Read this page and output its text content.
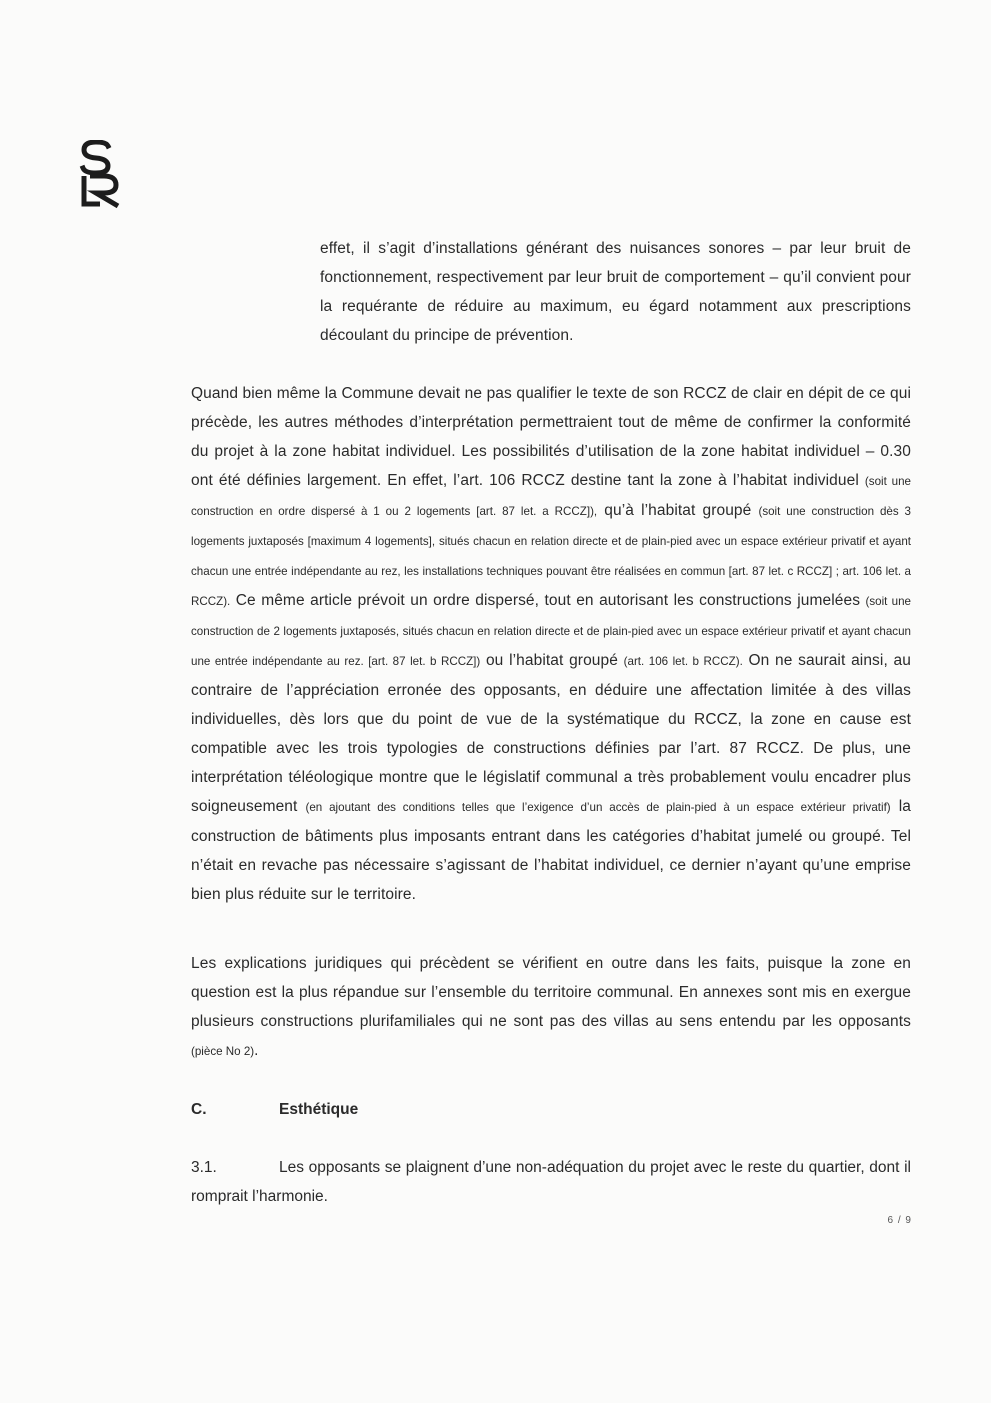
effet, il s’agit d’installations générant des nuisances sonores – par leur bruit de fonctionnement, respectivement par leur bruit de comportement – qu’il convient pour la requérante de réduire au maximum, eu égard notamment aux prescriptions découlant du principe de prévention.
Quand bien même la Commune devait ne pas qualifier le texte de son RCCZ de clair en dépit de ce qui précède, les autres méthodes d’interprétation permettraient tout de même de confirmer la conformité du projet à la zone habitat individuel. Les possibilités d’utilisation de la zone habitat individuel – 0.30 ont été définies largement. En effet, l’art. 106 RCCZ destine tant la zone à l’habitat individuel (soit une construction en ordre dispersé à 1 ou 2 logements [art. 87 let. a RCCZ]), qu’à l’habitat groupé (soit une construction dès 3 logements juxtaposés [maximum 4 logements], situés chacun en relation directe et de plain-pied avec un espace extérieur privatif et ayant chacun une entrée indépendante au rez, les installations techniques pouvant être réalisées en commun [art. 87 let. c RCCZ] ; art. 106 let. a RCCZ). Ce même article prévoit un ordre dispersé, tout en autorisant les constructions jumelées (soit une construction de 2 logements juxtaposés, situés chacun en relation directe et de plain-pied avec un espace extérieur privatif et ayant chacun une entrée indépendante au rez. [art. 87 let. b RCCZ]) ou l’habitat groupé (art. 106 let. b RCCZ). On ne saurait ainsi, au contraire de l’appréciation erronée des opposants, en déduire une affectation limitée à des villas individuelles, dès lors que du point de vue de la systématique du RCCZ, la zone en cause est compatible avec les trois typologies de constructions définies par l’art. 87 RCCZ. De plus, une interprétation téléologique montre que le législatif communal a très probablement voulu encadrer plus soigneusement (en ajoutant des conditions telles que l’exigence d’un accès de plain-pied à un espace extérieur privatif) la construction de bâtiments plus imposants entrant dans les catégories d’habitat jumelé ou groupé. Tel n’était en revache pas nécessaire s’agissant de l’habitat individuel, ce dernier n’ayant qu’une emprise bien plus réduite sur le territoire.
Les explications juridiques qui précèdent se vérifient en outre dans les faits, puisque la zone en question est la plus répandue sur l’ensemble du territoire communal. En annexes sont mis en exergue plusieurs constructions plurifamiliales qui ne sont pas des villas au sens entendu par les opposants (pièce No 2).
C.	Esthétique
3.1.	Les opposants se plaignent d’une non-adéquation du projet avec le reste du quartier, dont il romprait l’harmonie.
6 / 9
